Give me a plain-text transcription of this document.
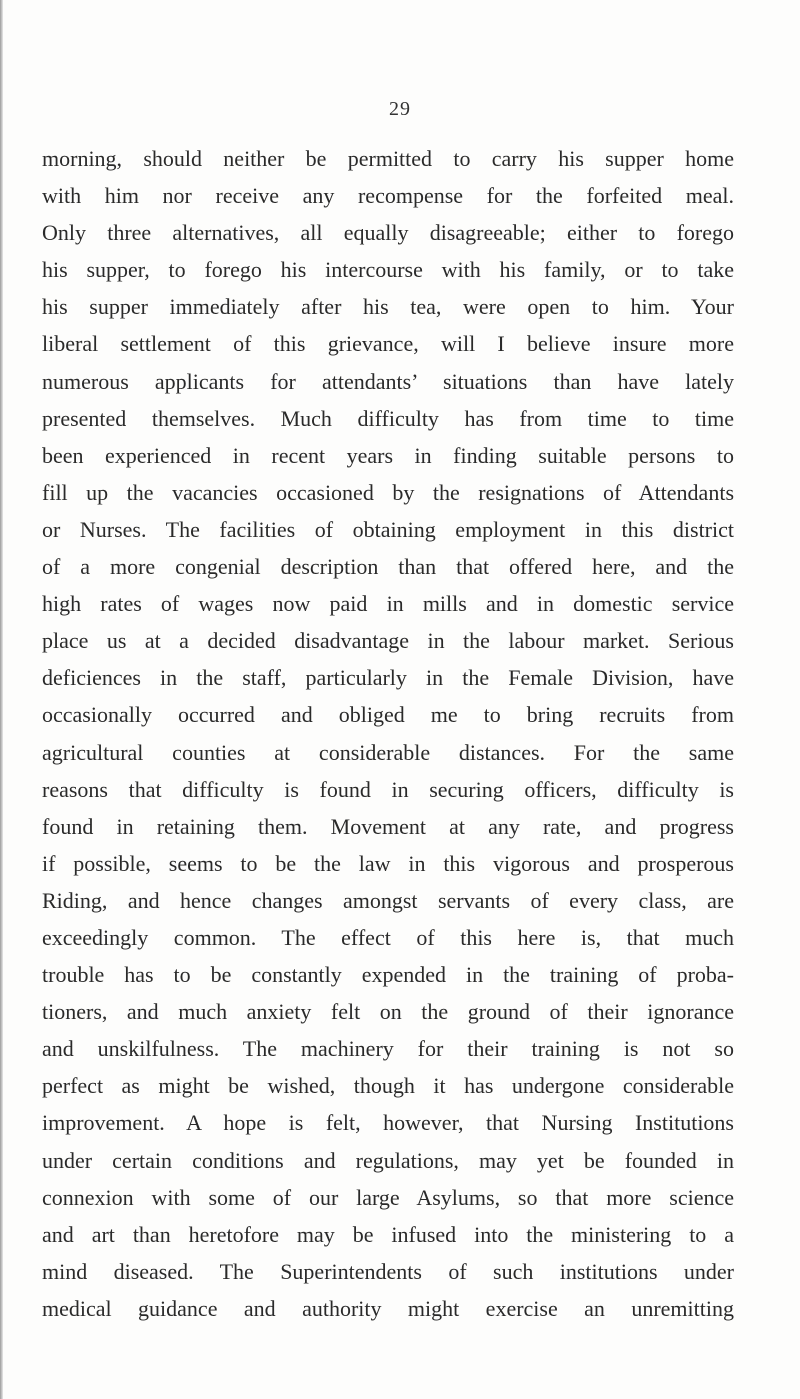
29
morning, should neither be permitted to carry his supper home
with him nor receive any recompense for the forfeited meal.
Only three alternatives, all equally disagreeable; either to forego
his supper, to forego his intercourse with his family, or to take
his supper immediately after his tea, were open to him. Your
liberal settlement of this grievance, will I believe insure more
numerous applicants for attendants’ situations than have lately
presented themselves. Much difficulty has from time to time
been experienced in recent years in finding suitable persons to
fill up the vacancies occasioned by the resignations of Attendants
or Nurses. The facilities of obtaining employment in this district
of a more congenial description than that offered here, and the
high rates of wages now paid in mills and in domestic service
place us at a decided disadvantage in the labour market. Serious
deficiences in the staff, particularly in the Female Division, have
occasionally occurred and obliged me to bring recruits from
agricultural counties at considerable distances. For the same
reasons that difficulty is found in securing officers, difficulty is
found in retaining them. Movement at any rate, and progress
if possible, seems to be the law in this vigorous and prosperous
Riding, and hence changes amongst servants of every class, are
exceedingly common. The effect of this here is, that much
trouble has to be constantly expended in the training of proba-
tioners, and much anxiety felt on the ground of their ignorance
and unskilfulness. The machinery for their training is not so
perfect as might be wished, though it has undergone considerable
improvement. A hope is felt, however, that Nursing Institutions
under certain conditions and regulations, may yet be founded in
connexion with some of our large Asylums, so that more science
and art than heretofore may be infused into the ministering to a
mind diseased. The Superintendents of such institutions under
medical guidance and authority might exercise an unremitting
